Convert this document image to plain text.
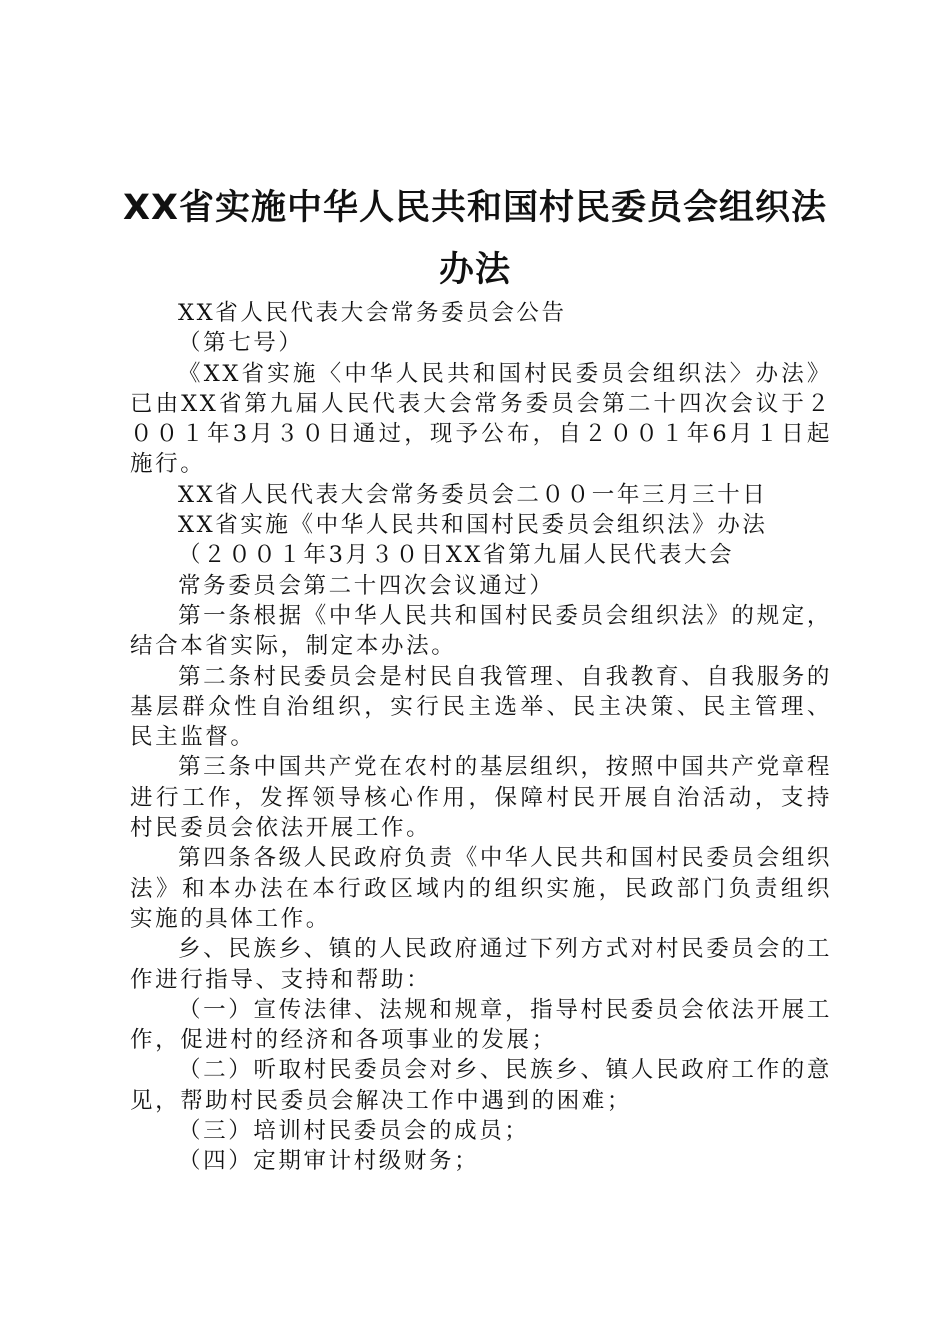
XX省实施中华人民共和国村民委员会组织法
办法

XX省人民代表大会常务委员会公告

（第七号）

《XX省实施〈中华人民共和国村民委员会组织法〉办法》已由XX省第九届人民代表大会常务委员会第二十四次会议于２００１年3月３０日通过，现予公布，自２００１年6月１日起施行。

XX省人民代表大会常务委员会二００一年三月三十日

XX省实施《中华人民共和国村民委员会组织法》办法

（２００１年3月３０日XX省第九届人民代表大会

常务委员会第二十四次会议通过）

第一条根据《中华人民共和国村民委员会组织法》的规定，结合本省实际，制定本办法。

第二条村民委员会是村民自我管理、自我教育、自我服务的基层群众性自治组织，实行民主选举、民主决策、民主管理、民主监督。

第三条中国共产党在农村的基层组织，按照中国共产党章程进行工作，发挥领导核心作用，保障村民开展自治活动，支持村民委员会依法开展工作。

第四条各级人民政府负责《中华人民共和国村民委员会组织法》和本办法在本行政区域内的组织实施，民政部门负责组织实施的具体工作。

乡、民族乡、镇的人民政府通过下列方式对村民委员会的工作进行指导、支持和帮助：

（一）宣传法律、法规和规章，指导村民委员会依法开展工作，促进村的经济和各项事业的发展；

（二）听取村民委员会对乡、民族乡、镇人民政府工作的意见，帮助村民委员会解决工作中遇到的困难；

（三）培训村民委员会的成员；

（四）定期审计村级财务；
